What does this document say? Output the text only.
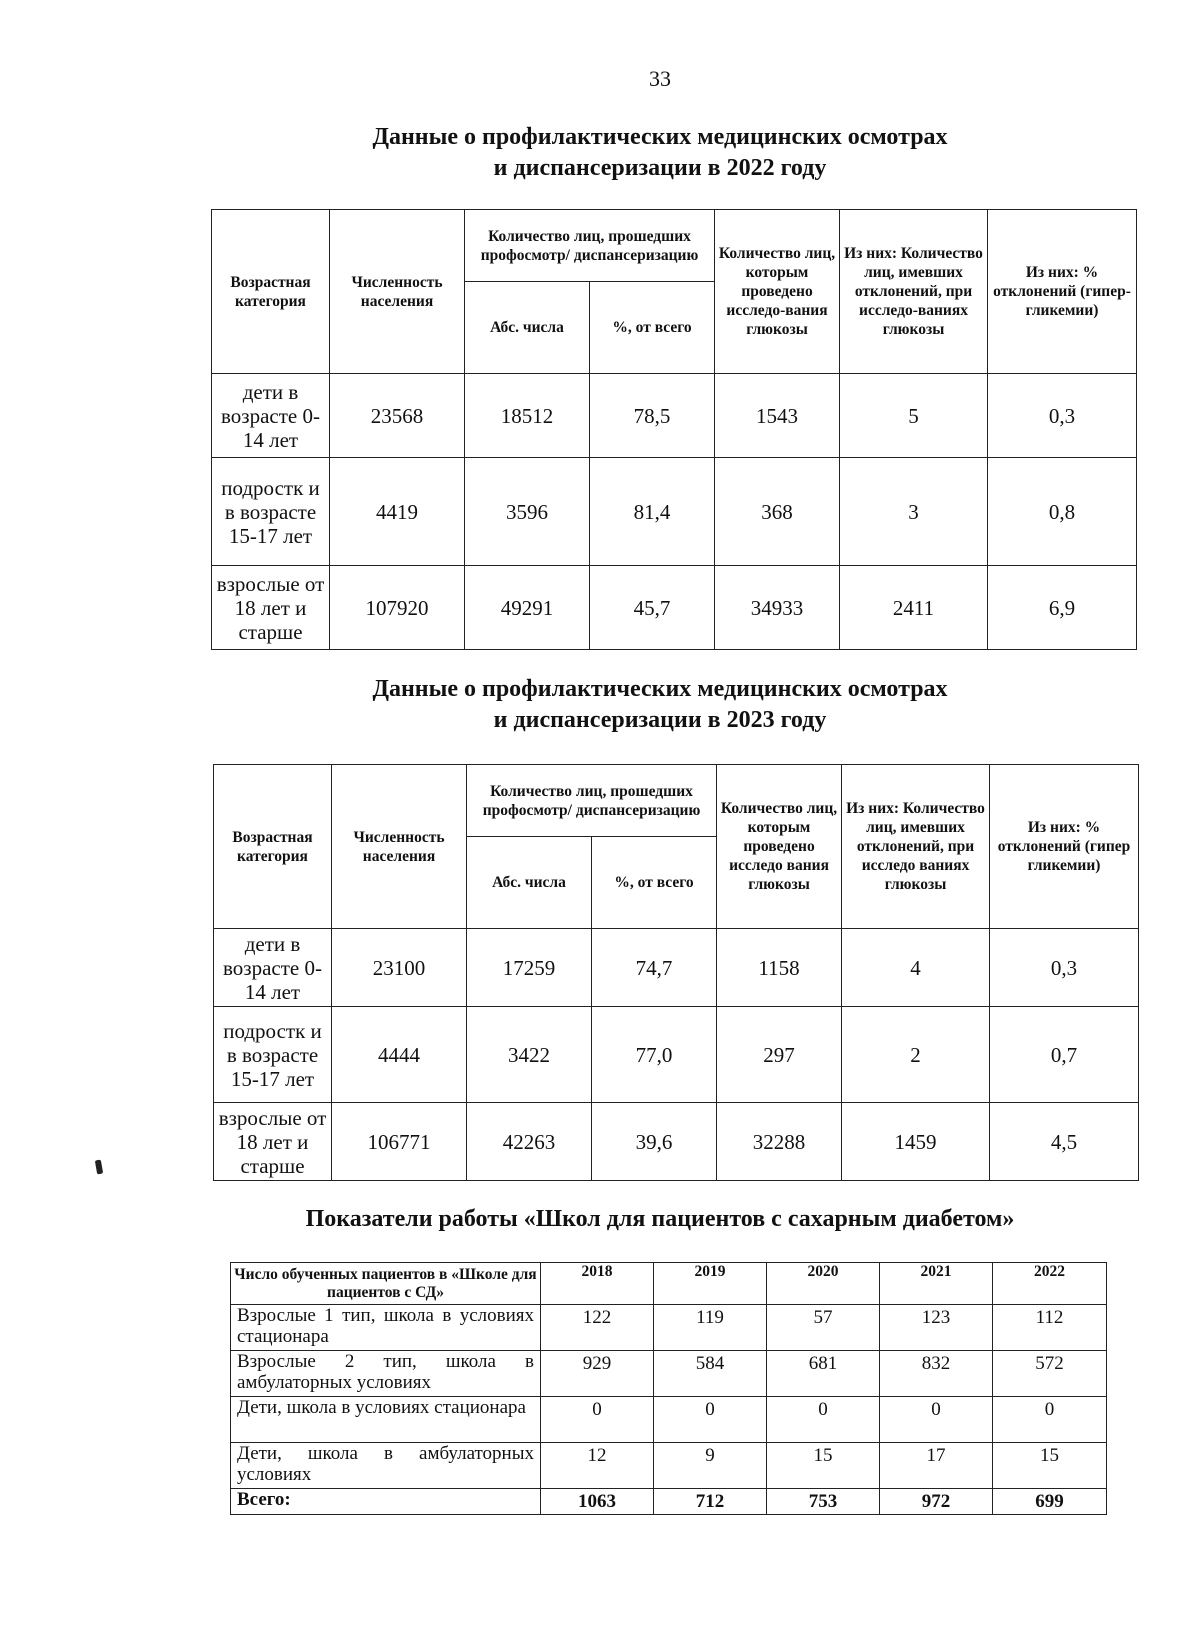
33
Данные о профилактических медицинских осмотрах
и диспансеризации в 2022 году
Возрастная категория	Численность населения	Количество лиц, прошедших профосмотр/ диспансеризацию		Количество лиц, которым проведено исследо-вания глюкозы	Из них: Количество лиц, имевших отклонений, при исследо-ваниях глюкозы	Из них: % отклонений (гипер-гликемии)
		Абс. числа	%, от всего			
дети в возрасте 0-14 лет	23568	18512	78,5	1543	5	0,3
подростк и в возрасте 15-17 лет	4419	3596	81,4	368	3	0,8
взрослые от 18 лет и старше	107920	49291	45,7	34933	2411	6,9
Данные о профилактических медицинских осмотрах
и диспансеризации в 2023 году
Возрастная категория	Численность населения	Количество лиц, прошедших профосмотр/ диспансеризацию		Количество лиц, которым проведено исследо вания глюкозы	Из них: Количество лиц, имевших отклонений, при исследо ваниях глюкозы	Из них: % отклонений (гипер гликемии)
		Абс. числа	%, от всего			
дети в возрасте 0-14 лет	23100	17259	74,7	1158	4	0,3
подростк и в возрасте 15-17 лет	4444	3422	77,0	297	2	0,7
взрослые от 18 лет и старше	106771	42263	39,6	32288	1459	4,5
Показатели работы «Школ для пациентов с сахарным диабетом»
Число обученных пациентов в «Школе для пациентов с СД»	2018	2019	2020	2021	2022
Взрослые 1 тип, школа в условиях стационара	122	119	57	123	112
Взрослые 2 тип, школа в амбулаторных условиях	929	584	681	832	572
Дети, школа в условиях стационара	0	0	0	0	0
Дети, школа в амбулаторных условиях	12	9	15	17	15
Всего:	1063	712	753	972	699
